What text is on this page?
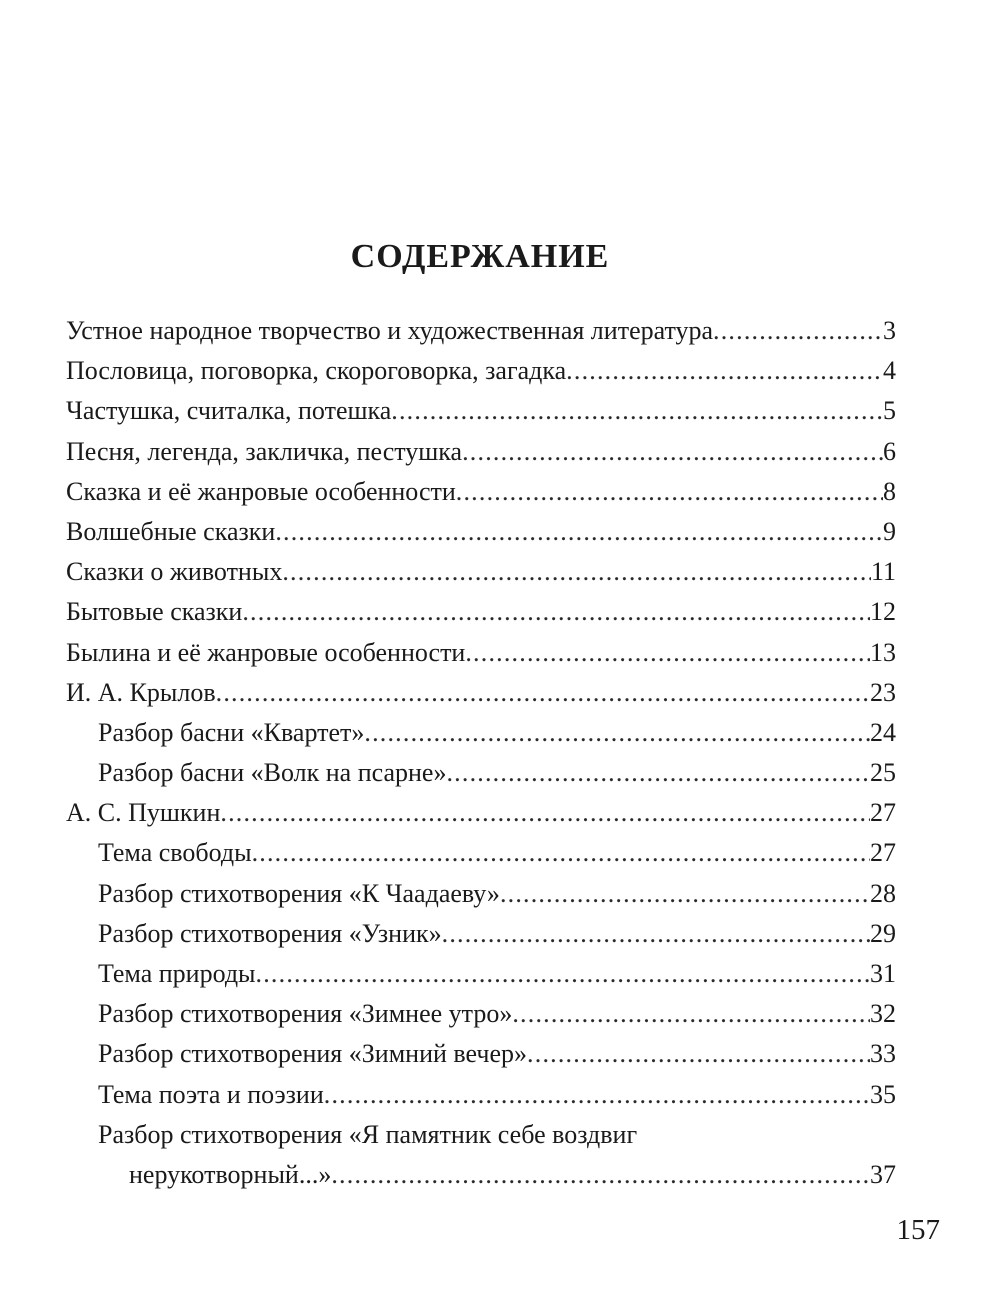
СОДЕРЖАНИЕ
Устное народное творчество и художественная литература .....	3
Пословица, поговорка, скороговорка, загадка .....	4
Частушка, считалка, потешка .....	5
Песня, легенда, закличка, пестушка .....	6
Сказка и её жанровые особенности .....	8
Волшебные сказки .....	9
Сказки о животных .....	11
Бытовые сказки .....	12
Былина и её жанровые особенности .....	13
И. А. Крылов .....	23
Разбор басни «Квартет» .....	24
Разбор басни «Волк на псарне» .....	25
А. С. Пушкин .....	27
Тема свободы .....	27
Разбор стихотворения «К Чаадаеву» .....	28
Разбор стихотворения «Узник» .....	29
Тема природы .....	31
Разбор стихотворения «Зимнее утро» .....	32
Разбор стихотворения «Зимний вечер» .....	33
Тема поэта и поэзии .....	35
Разбор стихотворения «Я памятник себе воздвиг
нерукотворный...» .....	37
157
